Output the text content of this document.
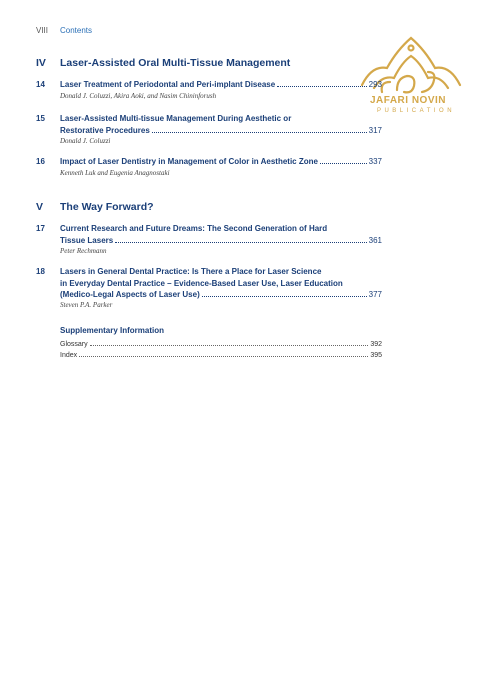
VIII Contents
JAFARI NOVIN
PUBLICATION
IV Laser-Assisted Oral Multi-Tissue Management
14 Laser Treatment of Periodontal and Peri-implant Disease	293
Donald J. Coluzzi, Akira Aoki, and Nasim Chininforush
15 Laser-Assisted Multi-tissue Management During Aesthetic or
Restorative Procedures	317
Donald J. Coluzzi
16 Impact of Laser Dentistry in Management of Color in Aesthetic Zone	337
Kenneth Luk and Eugenia Anagnostaki
V The Way Forward?
17 Current Research and Future Dreams: The Second Generation of Hard
Tissue Lasers	361
Peter Rechmann
18 Lasers in General Dental Practice: Is There a Place for Laser Science
in Everyday Dental Practice – Evidence-Based Laser Use, Laser Education
(Medico-Legal Aspects of Laser Use)	377
Steven P.A. Parker
Supplementary Information
Glossary	392
Index	395
